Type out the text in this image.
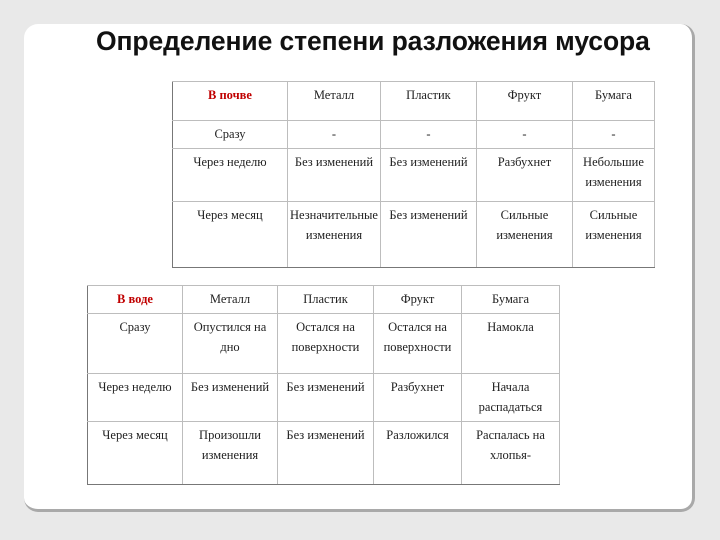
Определение степени разложения мусора
В почве	Металл	Пластик	Фрукт	Бумага
Сразу	-	-	-	-
Через неделю	Без изменений	Без изменений	Разбухнет	Небольшие изменения
Через месяц	Незначительные изменения	Без изменений	Сильные изменения	Сильные изменения
В воде	Металл	Пластик	Фрукт	Бумага
Сразу	Опустился на дно	Остался на поверхности	Остался на поверхности	Намокла
Через неделю	Без изменений	Без изменений	Разбухнет	Начала распадаться
Через месяц	Произошли изменения	Без изменений	Разложился	Распалась на хлопья-
